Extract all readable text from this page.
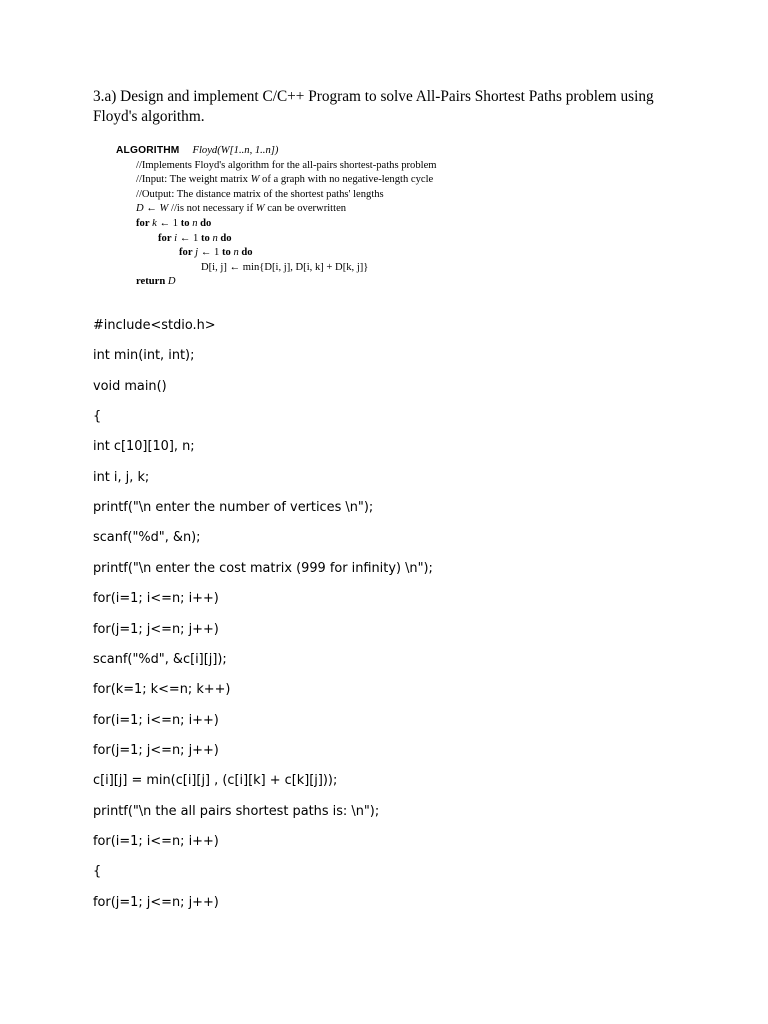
3.a) Design and implement C/C++ Program to solve All-Pairs Shortest Paths problem using
Floyd's algorithm.
ALGORITHM Floyd(W[1..n, 1..n])
//Implements Floyd's algorithm for the all-pairs shortest-paths problem
//Input: The weight matrix W of a graph with no negative-length cycle
//Output: The distance matrix of the shortest paths' lengths
D ← W //is not necessary if W can be overwritten
for k ← 1 to n do
for i ← 1 to n do
for j ← 1 to n do
D[i, j] ← min{D[i, j], D[i, k] + D[k, j]}
return D
#include<stdio.h>
int min(int, int);
void main()
{
int c[10][10], n;
int i, j, k;
printf("\n enter the number of vertices \n");
scanf("%d", &n);
printf("\n enter the cost matrix (999 for infinity) \n");
for(i=1; i<=n; i++)
for(j=1; j<=n; j++)
scanf("%d", &c[i][j]);
for(k=1; k<=n; k++)
for(i=1; i<=n; i++)
for(j=1; j<=n; j++)
c[i][j] = min(c[i][j] , (c[i][k] + c[k][j]));
printf("\n the all pairs shortest paths is: \n");
for(i=1; i<=n; i++)
{
for(j=1; j<=n; j++)
